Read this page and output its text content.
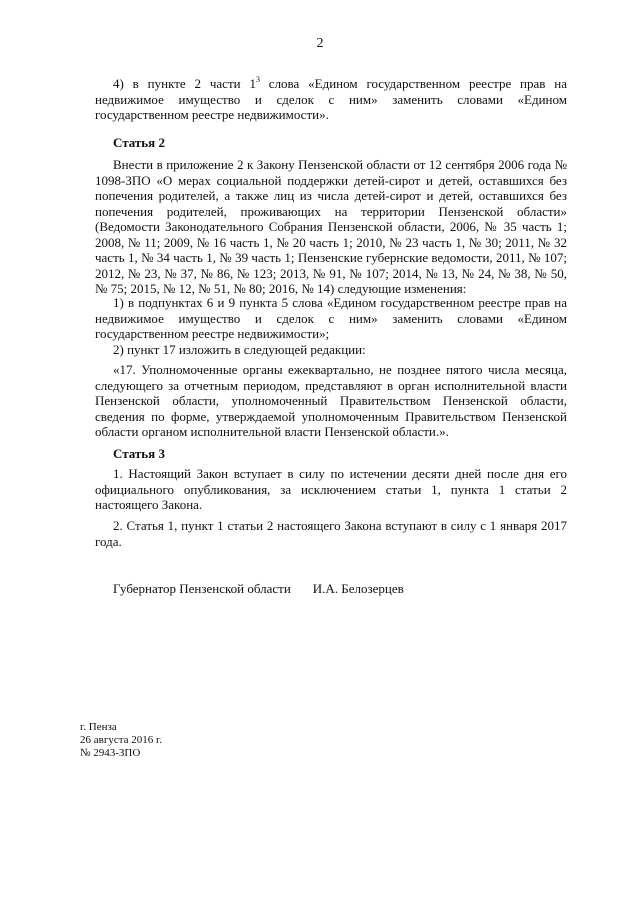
2

4) в пункте 2 части $1^3$ слова «Едином государственном реестре прав на недвижимое имущество и сделок с ним» заменить словами «Едином государственном реестре недвижимости».

Статья 2

Внести в приложение 2 к Закону Пензенской области от 12 сентября 2006 года № 1098-ЗПО «О мерах социальной поддержки детей-сирот и детей, оставшихся без попечения родителей, а также лиц из числа детей-сирот и детей, оставшихся без попечения родителей, проживающих на территории Пензенской области» (Ведомости Законодательного Собрания Пензенской области, 2006, № 35 часть 1; 2008, № 11; 2009, № 16 часть 1, № 20 часть 1; 2010, № 23 часть 1, № 30; 2011, № 32 часть 1, № 34 часть 1, № 39 часть 1; Пензенские губернские ведомости, 2011, № 107; 2012, № 23, № 37, № 86, № 123; 2013, № 91, № 107; 2014, № 13, № 24, № 38, № 50, № 75; 2015, № 12, № 51, № 80; 2016, № 14) следующие изменения:

1) в подпунктах 6 и 9 пункта 5 слова «Едином государственном реестре прав на недвижимое имущество и сделок с ним» заменить словами «Едином государственном реестре недвижимости»;

2) пункт 17 изложить в следующей редакции:

«17. Уполномоченные органы ежеквартально, не позднее пятого числа месяца, следующего за отчетным периодом, представляют в орган исполнительной власти Пензенской области, уполномоченный Правительством Пензенской области, сведения по форме, утверждаемой уполномоченным Правительством Пензенской области органом исполнительной власти Пензенской области.».

Статья 3

1. Настоящий Закон вступает в силу по истечении десяти дней после дня его официального опубликования, за исключением статьи 1, пункта 1 статьи 2 настоящего Закона.

2. Статья 1, пункт 1 статьи 2 настоящего Закона вступают в силу с 1 января 2017 года.

Губернатор Пензенской области И.А. Белозерцев
г. Пенза
26 августа 2016 г.
№ 2943-ЗПО
